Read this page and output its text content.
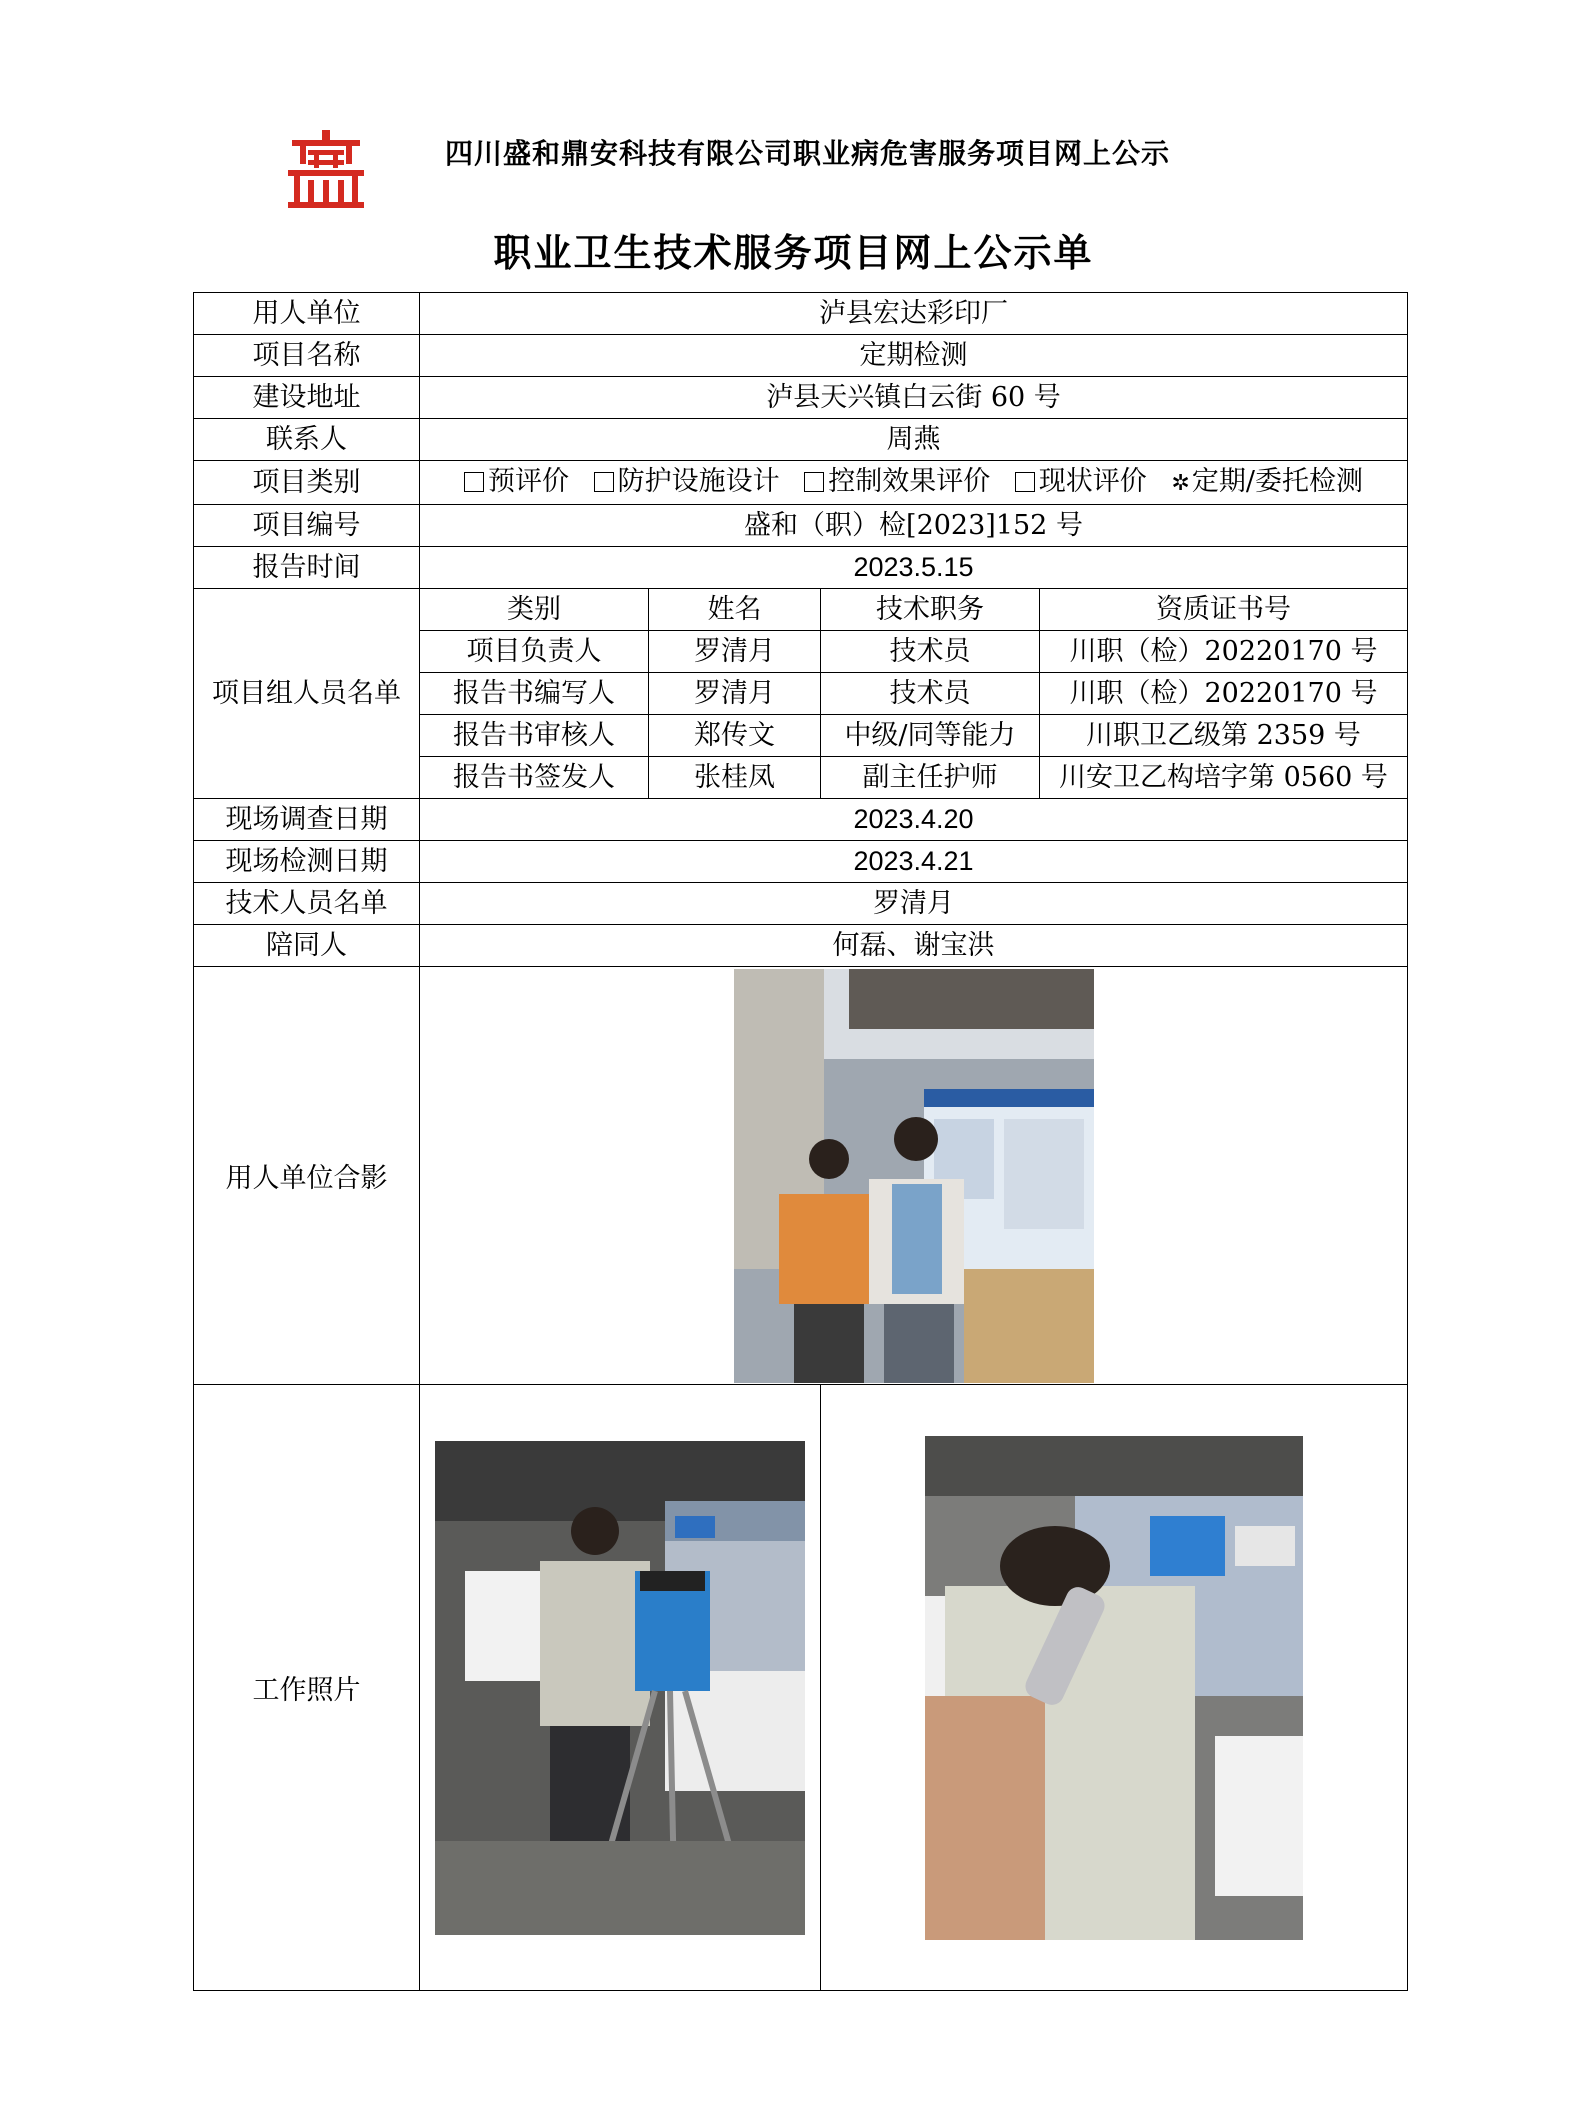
四川盛和鼎安科技有限公司职业病危害服务项目网上公示
职业卫生技术服务项目网上公示单
用人单位	泸县宏达彩印厂			
项目名称	定期检测			
建设地址	泸县天兴镇白云街 60 号			
联系人	周燕			
项目类别	预评价 防护设施设计 控制效果评价 现状评价 ✲定期/委托检测			
项目编号	盛和（职）检[2023]152 号			
报告时间	2023.5.15			
项目组人员名单	类别	姓名	技术职务	资质证书号
	项目负责人	罗清月	技术员	川职（检）20220170 号
	报告书编写人	罗清月	技术员	川职（检）20220170 号
	报告书审核人	郑传文	中级/同等能力	川职卫乙级第 2359 号
	报告书签发人	张桂凤	副主任护师	川安卫乙构培字第 0560 号
现场调查日期	2023.4.20			
现场检测日期	2023.4.21			
技术人员名单	罗清月			
陪同人	何磊、谢宝洪			
用人单位合影	
工作照片		
